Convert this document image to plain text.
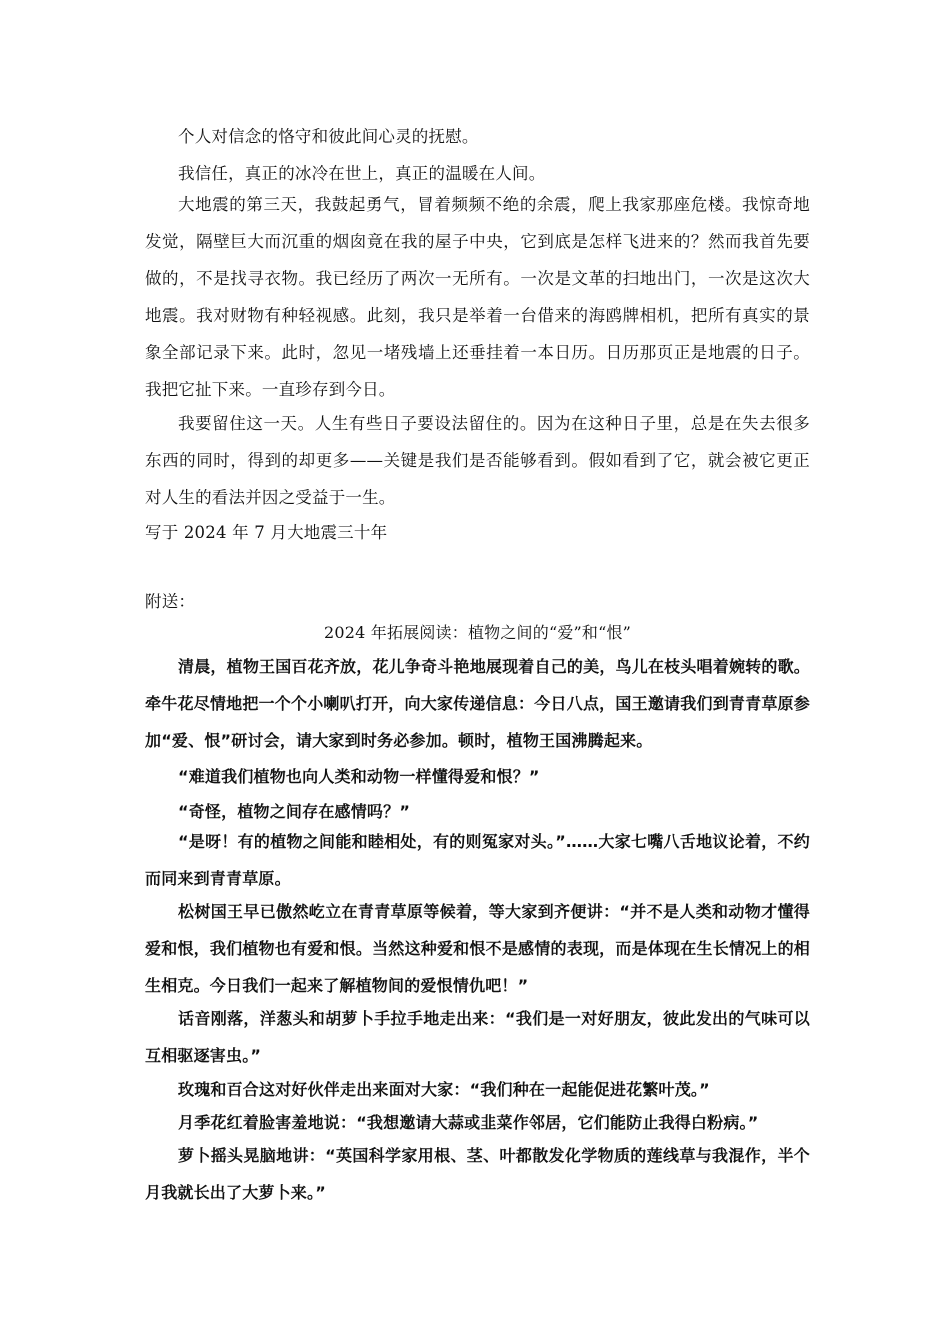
个人对信念的恪守和彼此间心灵的抚慰。

我信任，真正的冰冷在世上，真正的温暖在人间。

大地震的第三天，我鼓起勇气，冒着频频不绝的余震，爬上我家那座危楼。我惊奇地发觉，隔壁巨大而沉重的烟囱竟在我的屋子中央，它到底是怎样飞进来的？然而我首先要做的，不是找寻衣物。我已经历了两次一无所有。一次是文革的扫地出门，一次是这次大地震。我对财物有种轻视感。此刻，我只是举着一台借来的海鸥牌相机，把所有真实的景象全部记录下来。此时，忽见一堵残墙上还垂挂着一本日历。日历那页正是地震的日子。我把它扯下来。一直珍存到今日。

我要留住这一天。人生有些日子要设法留住的。因为在这种日子里，总是在失去很多东西的同时，得到的却更多——关键是我们是否能够看到。假如看到了它，就会被它更正对人生的看法并因之受益于一生。

写于 2024 年 7 月大地震三十年

附送：

2024 年拓展阅读：植物之间的“爱”和“恨”

清晨，植物王国百花齐放，花儿争奇斗艳地展现着自己的美，鸟儿在枝头唱着婉转的歌。牵牛花尽情地把一个个小喇叭打开，向大家传递信息：今日八点，国王邀请我们到青青草原参加“爱、恨”研讨会，请大家到时务必参加。顿时，植物王国沸腾起来。

“难道我们植物也向人类和动物一样懂得爱和恨？”

“奇怪，植物之间存在感情吗？”

“是呀！有的植物之间能和睦相处，有的则冤家对头。”……大家七嘴八舌地议论着，不约而同来到青青草原。

松树国王早已傲然屹立在青青草原等候着，等大家到齐便讲：“并不是人类和动物才懂得爱和恨，我们植物也有爱和恨。当然这种爱和恨不是感情的表现，而是体现在生长情况上的相生相克。今日我们一起来了解植物间的爱恨情仇吧！”

话音刚落，洋葱头和胡萝卜手拉手地走出来：“我们是一对好朋友，彼此发出的气味可以互相驱逐害虫。”

玫瑰和百合这对好伙伴走出来面对大家：“我们种在一起能促进花繁叶茂。”

月季花红着脸害羞地说：“我想邀请大蒜或韭菜作邻居，它们能防止我得白粉病。”

萝卜摇头晃脑地讲：“英国科学家用根、茎、叶都散发化学物质的莲线草与我混作，半个月我就长出了大萝卜来。”
